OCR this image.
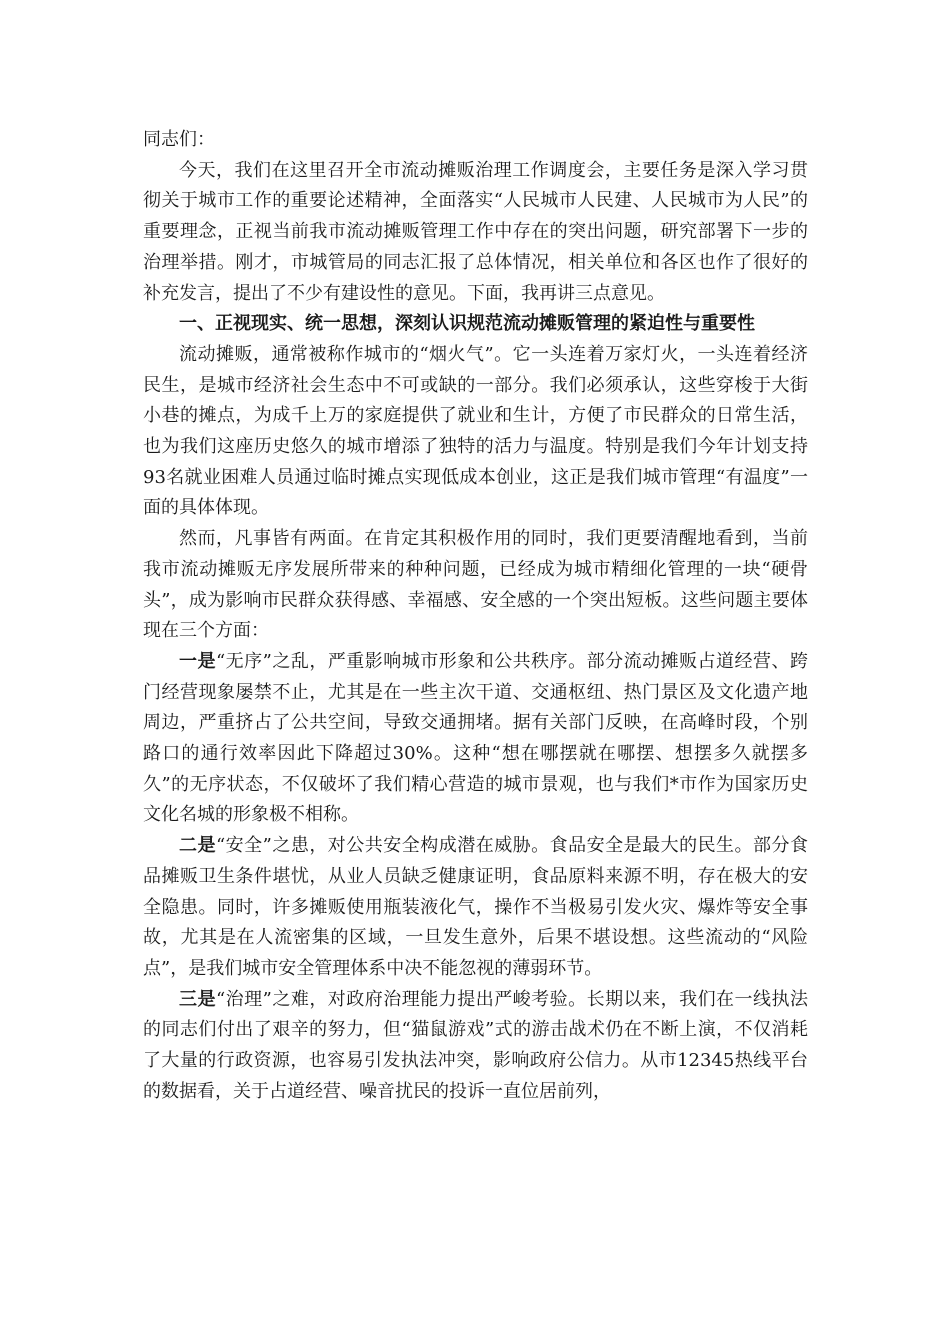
同志们：

今天，我们在这里召开全市流动摊贩治理工作调度会，主要任务是深入学习贯彻关于城市工作的重要论述精神，全面落实“人民城市人民建、人民城市为人民”的重要理念，正视当前我市流动摊贩管理工作中存在的突出问题，研究部署下一步的治理举措。刚才，市城管局的同志汇报了总体情况，相关单位和各区也作了很好的补充发言，提出了不少有建设性的意见。下面，我再讲三点意见。

一、正视现实、统一思想，深刻认识规范流动摊贩管理的紧迫性与重要性

流动摊贩，通常被称作城市的“烟火气”。它一头连着万家灯火，一头连着经济民生，是城市经济社会生态中不可或缺的一部分。我们必须承认，这些穿梭于大街小巷的摊点，为成千上万的家庭提供了就业和生计，方便了市民群众的日常生活，也为我们这座历史悠久的城市增添了独特的活力与温度。特别是我们今年计划支持93名就业困难人员通过临时摊点实现低成本创业，这正是我们城市管理“有温度”一面的具体体现。

然而，凡事皆有两面。在肯定其积极作用的同时，我们更要清醒地看到，当前我市流动摊贩无序发展所带来的种种问题，已经成为城市精细化管理的一块“硬骨头”，成为影响市民群众获得感、幸福感、安全感的一个突出短板。这些问题主要体现在三个方面：

一是“无序”之乱，严重影响城市形象和公共秩序。部分流动摊贩占道经营、跨门经营现象屡禁不止，尤其是在一些主次干道、交通枢纽、热门景区及文化遗产地周边，严重挤占了公共空间，导致交通拥堵。据有关部门反映，在高峰时段，个别路口的通行效率因此下降超过30%。这种“想在哪摆就在哪摆、想摆多久就摆多久”的无序状态，不仅破坏了我们精心营造的城市景观，也与我们*市作为国家历史文化名城的形象极不相称。

二是“安全”之患，对公共安全构成潜在威胁。食品安全是最大的民生。部分食品摊贩卫生条件堪忧，从业人员缺乏健康证明，食品原料来源不明，存在极大的安全隐患。同时，许多摊贩使用瓶装液化气，操作不当极易引发火灾、爆炸等安全事故，尤其是在人流密集的区域，一旦发生意外，后果不堪设想。这些流动的“风险点”，是我们城市安全管理体系中决不能忽视的薄弱环节。

三是“治理”之难，对政府治理能力提出严峻考验。长期以来，我们在一线执法的同志们付出了艰辛的努力，但“猫鼠游戏”式的游击战术仍在不断上演，不仅消耗了大量的行政资源，也容易引发执法冲突，影响政府公信力。从市12345热线平台的数据看，关于占道经营、噪音扰民的投诉一直位居前列，
